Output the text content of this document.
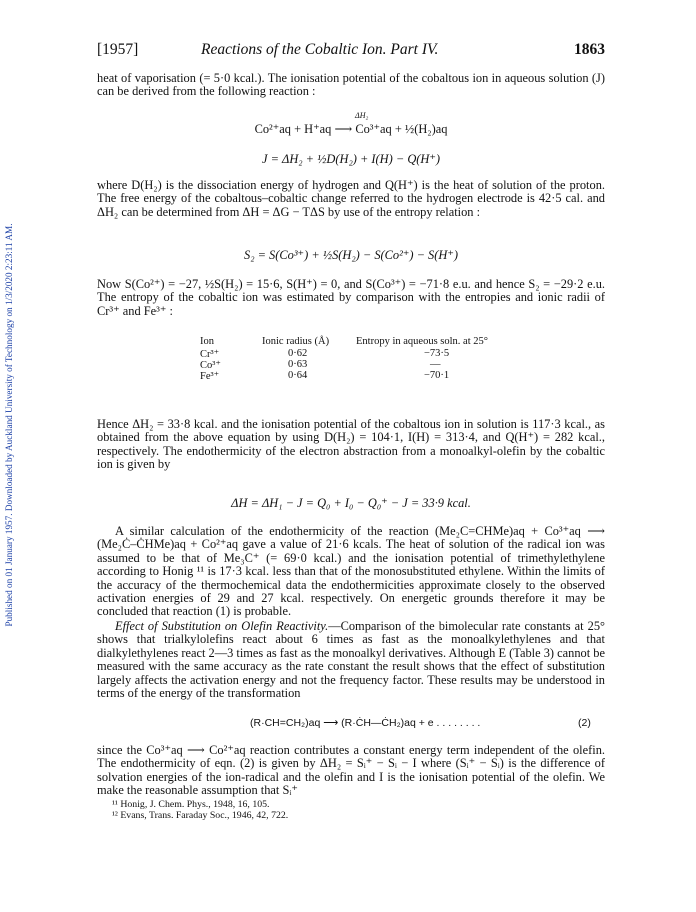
Published on 01 January 1957. Downloaded by Auckland University of Technology on 1/3/2020 2:23:11 AM.
[1957]	Reactions of the Cobaltic Ion. Part IV.	1863

heat of vaporisation (= 5·0 kcal.). The ionisation potential of the cobaltous ion in aqueous solution (J) can be derived from the following reaction :

ΔH₂
Co²⁺aq + H⁺aq ⟶ Co³⁺aq + ½(H₂)aq
J = ΔH₂ + ½D(H₂) + I(H) − Q(H⁺)

where D(H₂) is the dissociation energy of hydrogen and Q(H⁺) is the heat of solution of the proton. The free energy of the cobaltous–cobaltic change referred to the hydrogen electrode is 42·5 cal. and ΔH₂ can be determined from ΔH = ΔG − TΔS by use of the entropy relation :

S₂ = S(Co³⁺) + ½S(H₂) − S(Co²⁺) − S(H⁺)

Now S(Co²⁺) = −27, ½S(H₂) = 15·6, S(H⁺) = 0, and S(Co³⁺) = −71·8 e.u. and hence S₂ = −29·2 e.u. The entropy of the cobaltic ion was estimated by comparison with the entropies and ionic radii of Cr³⁺ and Fe³⁺ :

Ion	Ionic radius (Å)	Entropy in aqueous soln. at 25°
Cr³⁺	0·62	−73·5
Co³⁺	0·63	—
Fe³⁺	0·64	−70·1

Hence ΔH₂ = 33·8 kcal. and the ionisation potential of the cobaltous ion in solution is 117·3 kcal., as obtained from the above equation by using D(H₂) = 104·1, I(H) = 313·4, and Q(H⁺) = 282 kcal., respectively. The endothermicity of the electron abstraction from a monoalkyl-olefin by the cobaltic ion is given by

ΔH = ΔH₁ − J = Q₀ + I₀ − Q₀⁺ − J = 33·9 kcal.

A similar calculation of the endothermicity of the reaction (Me₂C=CHMe)aq + Co³⁺aq ⟶ (Me₂Ċ–ĊHMe)aq + Co²⁺aq gave a value of 21·6 kcals. The heat of solution of the radical ion was assumed to be that of Me₃C⁺ (= 69·0 kcal.) and the ionisation potential of trimethylethylene according to Honig ¹¹ is 17·3 kcal. less than that of the monosubstituted ethylene. Within the limits of the accuracy of the thermochemical data the endothermicities approximate closely to the observed activation energies of 29 and 27 kcal. respectively. On energetic grounds therefore it may be concluded that reaction (1) is probable.

Effect of Substitution on Olefin Reactivity.—Comparison of the bimolecular rate constants at 25° shows that trialkylolefins react about 6 times as fast as the monoalkylethylenes and that dialkylethylenes react 2—3 times as fast as the monoalkyl derivatives. Although E (Table 3) cannot be measured with the same accuracy as the rate constant the result shows that the effect of substitution largely affects the activation energy and not the frequency factor. These results may be understood in terms of the energy of the transformation

(R·CH=CH₂)aq ⟶ (R·ĊH—ĊH₂)aq + e . . . . . . . .	(2)

since the Co³⁺aq ⟶ Co²⁺aq reaction contributes a constant energy term independent of the olefin. The endothermicity of eqn. (2) is given by ΔH₂ = Sᵢ⁺ − Sᵢ − I where (Sᵢ⁺ − Sᵢ) is the difference of solvation energies of the ion-radical and the olefin and I is the ionisation potential of the olefin. We make the reasonable assumption that Sᵢ⁺

¹¹ Honig, J. Chem. Phys., 1948, 16, 105.
¹² Evans, Trans. Faraday Soc., 1946, 42, 722.
